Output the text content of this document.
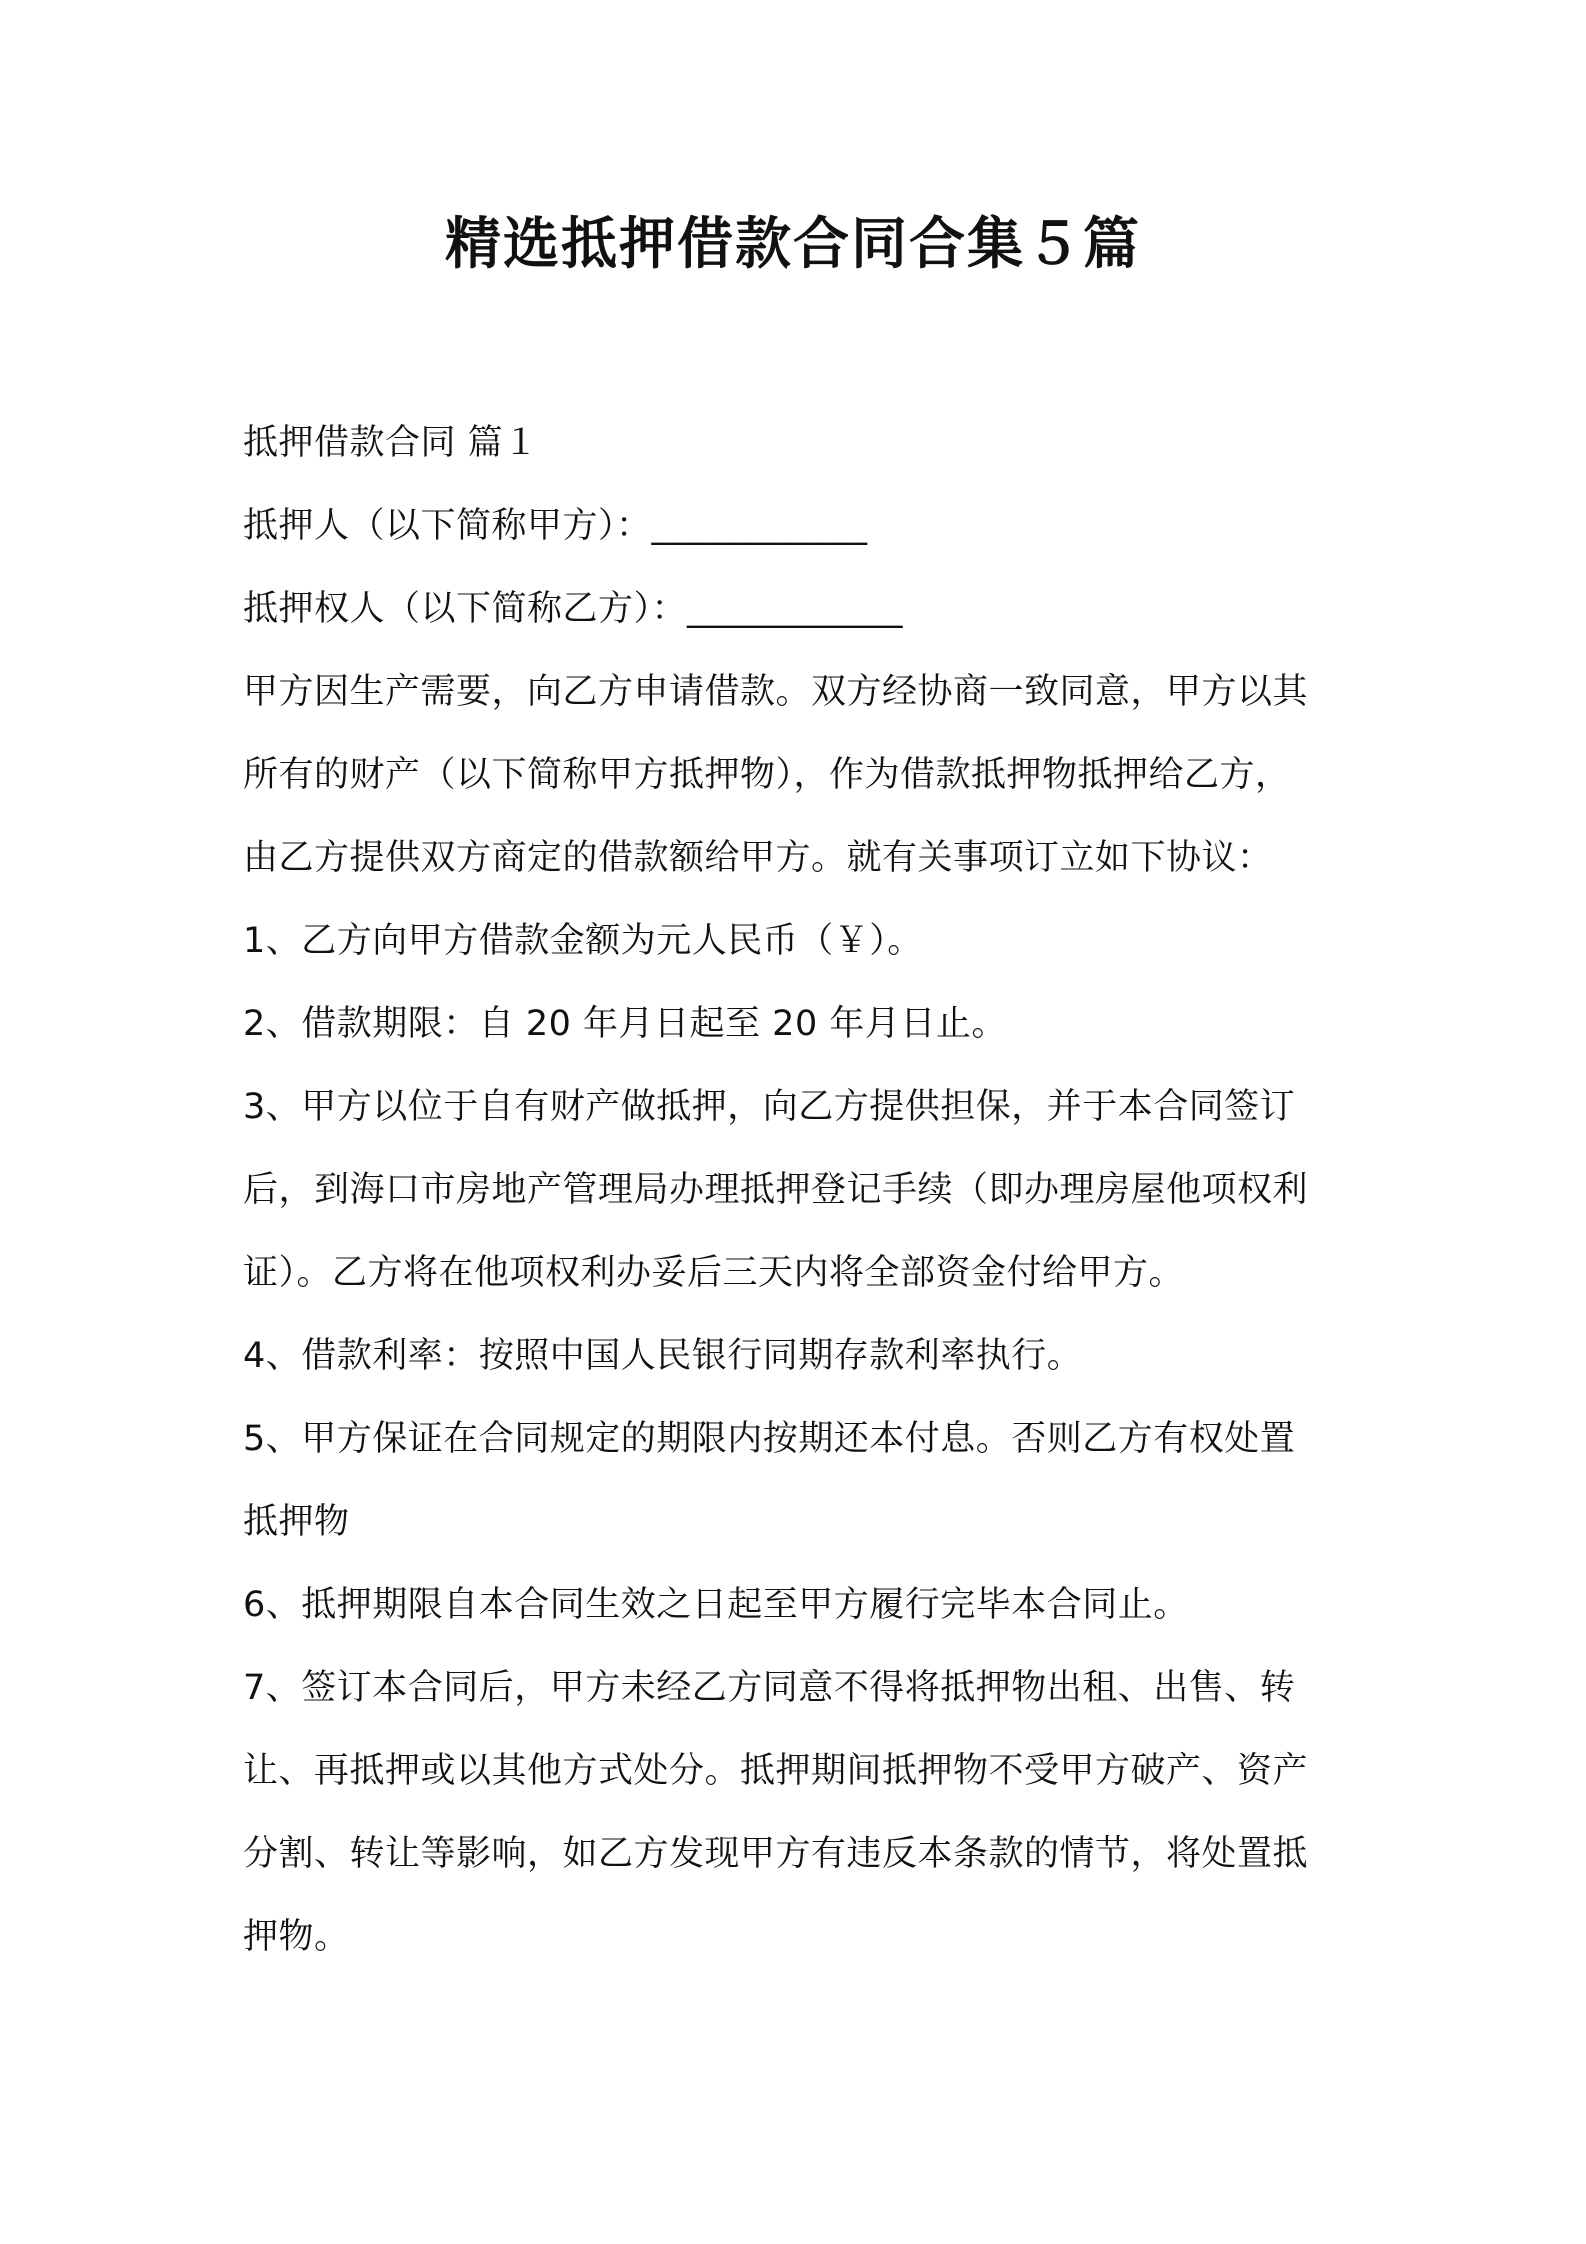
精选抵押借款合同合集５篇

抵押借款合同 篇１

抵押人（以下简称甲方）：____________

抵押权人（以下简称乙方）：____________

甲方因生产需要，向乙方申请借款。双方经协商一致同意，甲方以其

所有的财产（以下简称甲方抵押物），作为借款抵押物抵押给乙方，

由乙方提供双方商定的借款额给甲方。就有关事项订立如下协议：

1、乙方向甲方借款金额为元人民币（￥）。

2、借款期限：自 20 年月日起至 20 年月日止。

3、甲方以位于自有财产做抵押，向乙方提供担保，并于本合同签订

后，到海口市房地产管理局办理抵押登记手续（即办理房屋他项权利

证）。乙方将在他项权利办妥后三天内将全部资金付给甲方。

4、借款利率：按照中国人民银行同期存款利率执行。

5、甲方保证在合同规定的期限内按期还本付息。否则乙方有权处置

抵押物

6、抵押期限自本合同生效之日起至甲方履行完毕本合同止。

7、签订本合同后，甲方未经乙方同意不得将抵押物出租、出售、转

让、再抵押或以其他方式处分。抵押期间抵押物不受甲方破产、资产

分割、转让等影响，如乙方发现甲方有违反本条款的情节，将处置抵

押物。
